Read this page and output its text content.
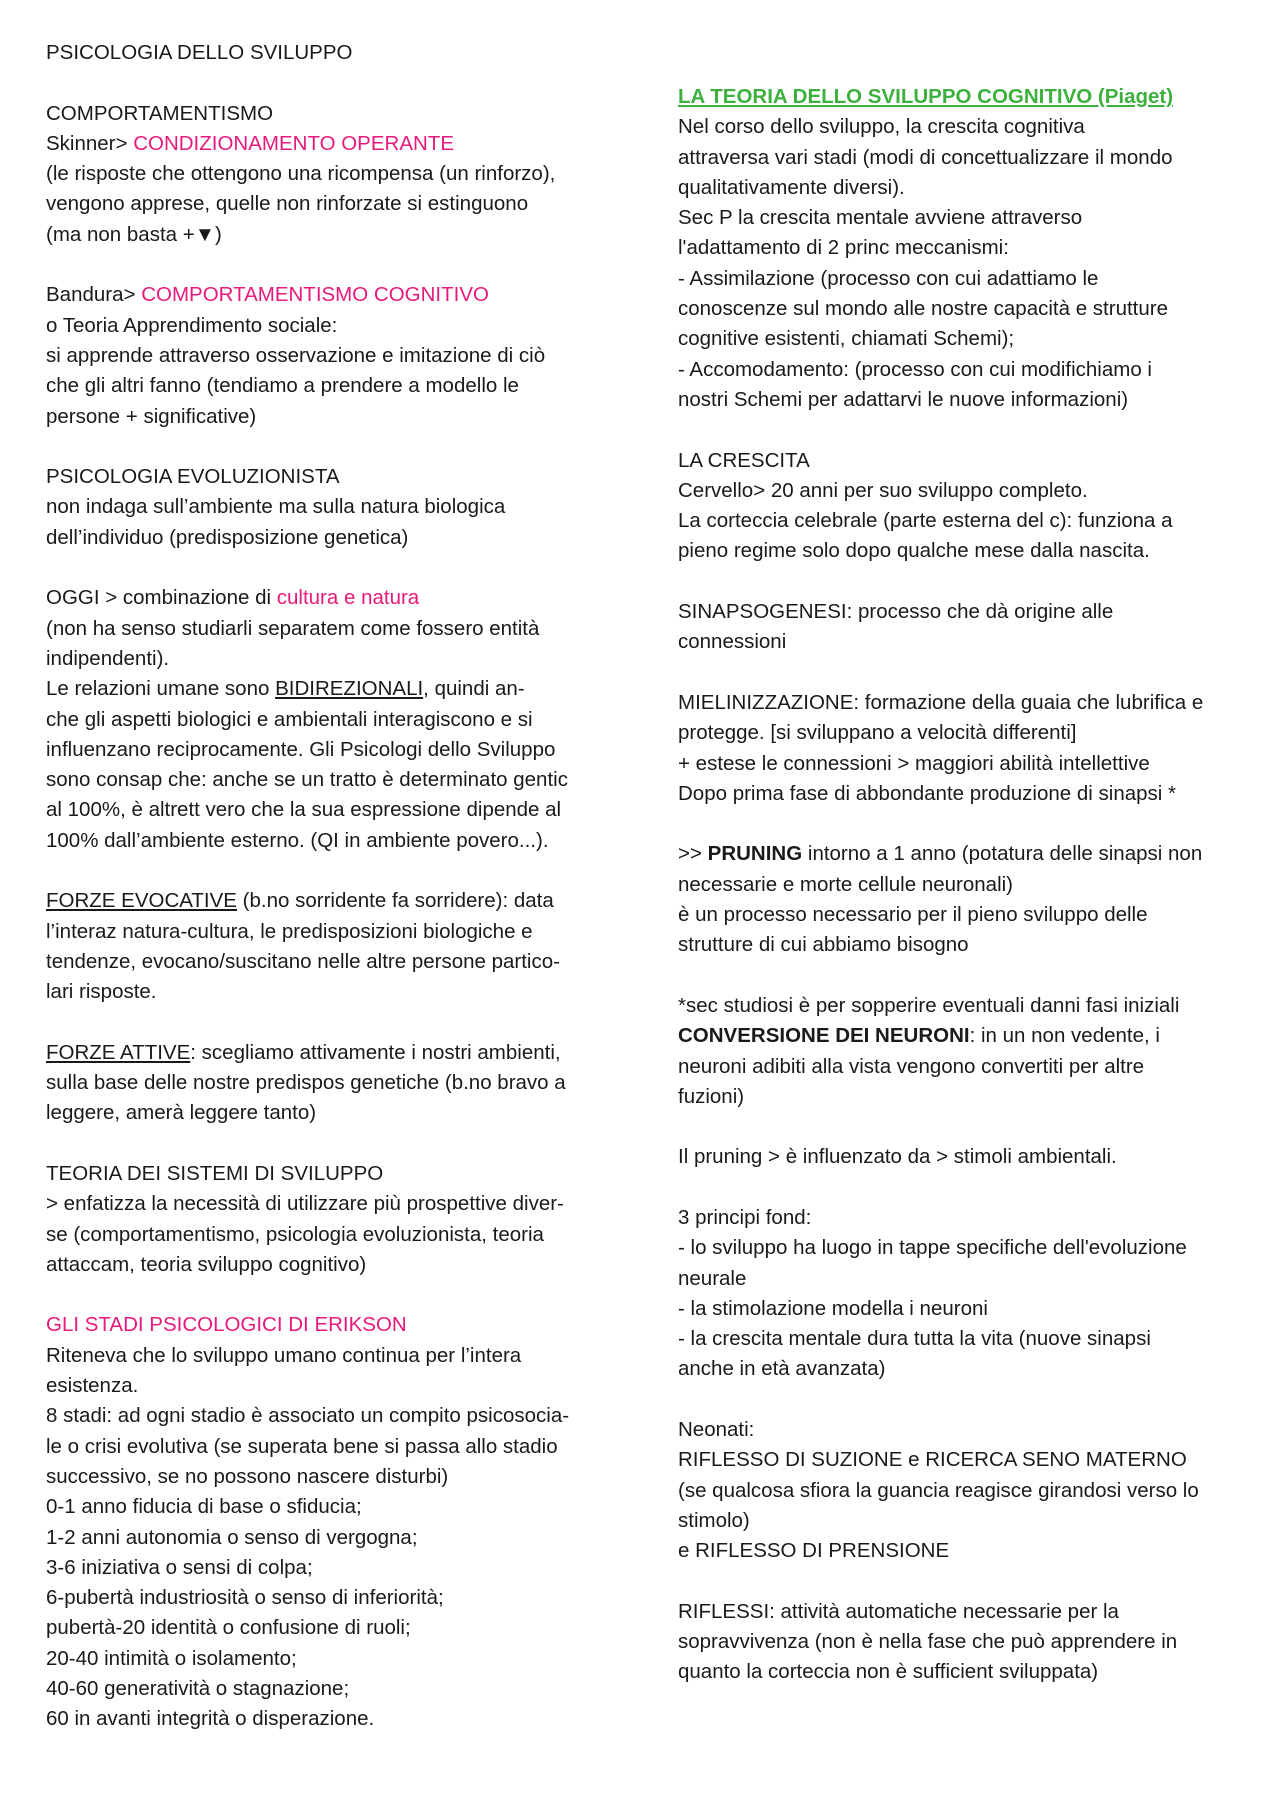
PSICOLOGIA DELLO SVILUPPO
COMPORTAMENTISMO
Skinner> CONDIZIONAMENTO OPERANTE
(le risposte che ottengono una ricompensa (un rinforzo),
vengono apprese, quelle non rinforzate si estinguono
(ma non basta +▼)
Bandura> COMPORTAMENTISMO COGNITIVO
o Teoria Apprendimento sociale:
si apprende attraverso osservazione e imitazione di ciò
che gli altri fanno (tendiamo a prendere a modello le
persone + significative)
PSICOLOGIA EVOLUZIONISTA
non indaga sull’ambiente ma sulla natura biologica
dell’individuo (predisposizione genetica)
OGGI > combinazione di cultura e natura
(non ha senso studiarli separatem come fossero entità
indipendenti).
Le relazioni umane sono BIDIREZIONALI, quindi an-
che gli aspetti biologici e ambientali interagiscono e si
influenzano reciprocamente. Gli Psicologi dello Sviluppo
sono consap che: anche se un tratto è determinato gentic
al 100%, è altrett vero che la sua espressione dipende al
100% dall’ambiente esterno. (QI in ambiente povero...).
FORZE EVOCATIVE (b.no sorridente fa sorridere): data
l’interaz natura-cultura, le predisposizioni biologiche e
tendenze, evocano/suscitano nelle altre persone partico-
lari risposte.
FORZE ATTIVE: scegliamo attivamente i nostri ambienti,
sulla base delle nostre predispos genetiche (b.no bravo a
leggere, amerà leggere tanto)
TEORIA DEI SISTEMI DI SVILUPPO
> enfatizza la necessità di utilizzare più prospettive diver-
se (comportamentismo, psicologia evoluzionista, teoria
attaccam, teoria sviluppo cognitivo)
GLI STADI PSICOLOGICI DI ERIKSON
Riteneva che lo sviluppo umano continua per l’intera
esistenza.
8 stadi: ad ogni stadio è associato un compito psicosocia-
le o crisi evolutiva (se superata bene si passa allo stadio
successivo, se no possono nascere disturbi)
0-1 anno fiducia di base o sfiducia;
1-2 anni autonomia o senso di vergogna;
3-6 iniziativa o sensi di colpa;
6-pubertà industriosità o senso di inferiorità;
pubertà-20 identità o confusione di ruoli;
20-40 intimità o isolamento;
40-60 generatività o stagnazione;
60 in avanti integrità o disperazione.
LA TEORIA DELLO SVILUPPO COGNITIVO (Piaget)
Nel corso dello sviluppo, la crescita cognitiva
attraversa vari stadi (modi di concettualizzare il mondo
qualitativamente diversi).
Sec P la crescita mentale avviene attraverso
l'adattamento di 2 princ meccanismi:
- Assimilazione (processo con cui adattiamo le
conoscenze sul mondo alle nostre capacità e strutture
cognitive esistenti, chiamati Schemi);
- Accomodamento: (processo con cui modifichiamo i
nostri Schemi per adattarvi le nuove informazioni)
LA CRESCITA
Cervello> 20 anni per suo sviluppo completo.
La corteccia celebrale (parte esterna del c): funziona a
pieno regime solo dopo qualche mese dalla nascita.
SINAPSOGENESI: processo che dà origine alle
connessioni
MIELINIZZAZIONE: formazione della guaia che lubrifica e
protegge. [si sviluppano a velocità differenti]
+ estese le connessioni > maggiori abilità intellettive
Dopo prima fase di abbondante produzione di sinapsi *
>> PRUNING intorno a 1 anno (potatura delle sinapsi non
necessarie e morte cellule neuronali)
è un processo necessario per il pieno sviluppo delle
strutture di cui abbiamo bisogno
*sec studiosi è per sopperire eventuali danni fasi iniziali
CONVERSIONE DEI NEURONI: in un non vedente, i
neuroni adibiti alla vista vengono convertiti per altre
fuzioni)
Il pruning > è influenzato da > stimoli ambientali.
3 principi fond:
- lo sviluppo ha luogo in tappe specifiche dell'evoluzione
neurale
- la stimolazione modella i neuroni
- la crescita mentale dura tutta la vita (nuove sinapsi
anche in età avanzata)
Neonati:
RIFLESSO DI SUZIONE e RICERCA SENO MATERNO
(se qualcosa sfiora la guancia reagisce girandosi verso lo
stimolo)
e RIFLESSO DI PRENSIONE
RIFLESSI: attività automatiche necessarie per la
sopravvivenza (non è nella fase che può apprendere in
quanto la corteccia non è sufficient sviluppata)
